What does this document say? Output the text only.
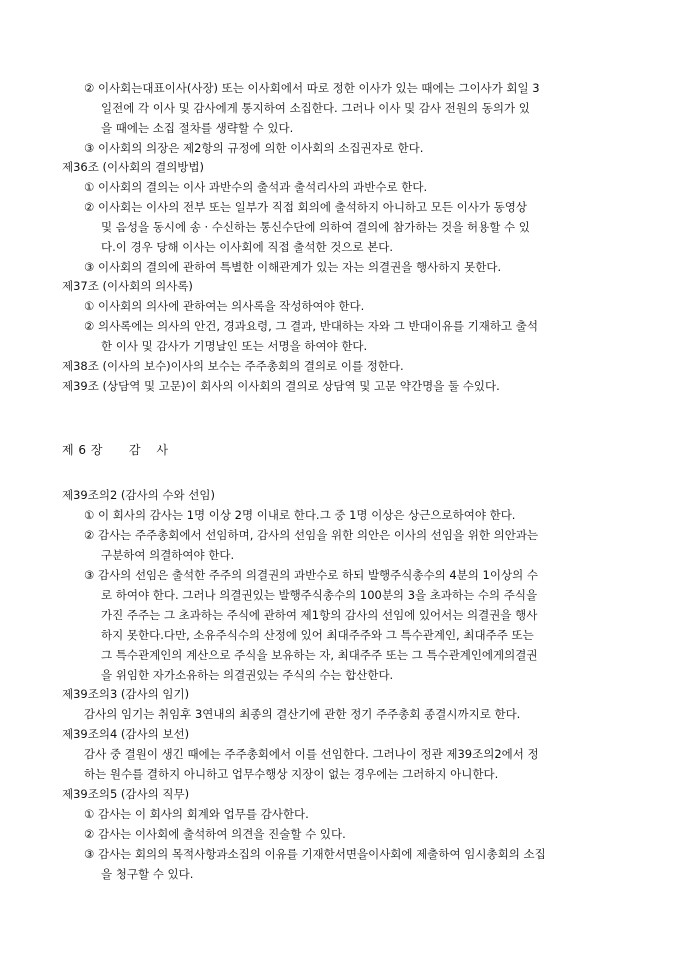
② 이사회는대표이사(사장) 또는 이사회에서 따로 정한 이사가 있는 때에는 그이사가 회일 3
일전에 각 이사 및 감사에게 통지하여 소집한다. 그러나 이사 및 감사 전원의 동의가 있
을 때에는 소집 절차를 생략할 수 있다.
③ 이사회의 의장은 제2항의 규정에 의한 이사회의 소집권자로 한다.
제36조 (이사회의 결의방법)
① 이사회의 결의는 이사 과반수의 출석과 출석리사의 과반수로 한다.
② 이사회는 이사의 전부 또는 일부가 직접 회의에 출석하지 아니하고 모든 이사가 동영상
및 음성을 동시에 송 · 수신하는 통신수단에 의하여 결의에 참가하는 것을 허용할 수 있
다.이 경우 당해 이사는 이사회에 직접 출석한 것으로 본다.
③ 이사회의 결의에 관하여 특별한 이해관계가 있는 자는 의결권을 행사하지 못한다.
제37조 (이사회의 의사록)
① 이사회의 의사에 관하여는 의사록을 작성하여야 한다.
② 의사록에는 의사의 안건, 경과요령, 그 결과, 반대하는 자와 그 반대이유를 기재하고 출석
한 이사 및 감사가 기명날인 또는 서명을 하여야 한다.
제38조 (이사의 보수)이사의 보수는 주주총회의 결의로 이를 정한다.
제39조 (상담역 및 고문)이 회사의 이사회의 결의로 상담역 및 고문 약간명을 둘 수있다.
제 6 장 감 사
제39조의2 (감사의 수와 선임)
① 이 회사의 감사는 1명 이상 2명 이내로 한다.그 중 1명 이상은 상근으로하여야 한다.
② 감사는 주주총회에서 선임하며, 감사의 선임을 위한 의안은 이사의 선임을 위한 의안과는
구분하여 의결하여야 한다.
③ 감사의 선임은 출석한 주주의 의결권의 과반수로 하되 발행주식총수의 4분의 1이상의 수
로 하여야 한다. 그러나 의결권있는 발행주식총수의 100분의 3을 초과하는 수의 주식을
가진 주주는 그 초과하는 주식에 관하여 제1항의 감사의 선임에 있어서는 의결권을 행사
하지 못한다.다만, 소유주식수의 산정에 있어 최대주주와 그 특수관계인, 최대주주 또는
그 특수관계인의 계산으로 주식을 보유하는 자, 최대주주 또는 그 특수관계인에게의결권
을 위임한 자가소유하는 의결권있는 주식의 수는 합산한다.
제39조의3 (감사의 임기)
감사의 임기는 취임후 3연내의 최종의 결산기에 관한 정기 주주총회 종결시까지로 한다.
제39조의4 (감사의 보선)
감사 중 결원이 생긴 때에는 주주총회에서 이를 선임한다. 그러나이 정관 제39조의2에서 정
하는 원수를 결하지 아니하고 업무수행상 지장이 없는 경우에는 그러하지 아니한다.
제39조의5 (감사의 직무)
① 감사는 이 회사의 회계와 업무를 감사한다.
② 감사는 이사회에 출석하여 의견을 진술할 수 있다.
③ 감사는 회의의 목적사항과소집의 이유를 기재한서면을이사회에 제출하여 임시총회의 소집
을 청구할 수 있다.
